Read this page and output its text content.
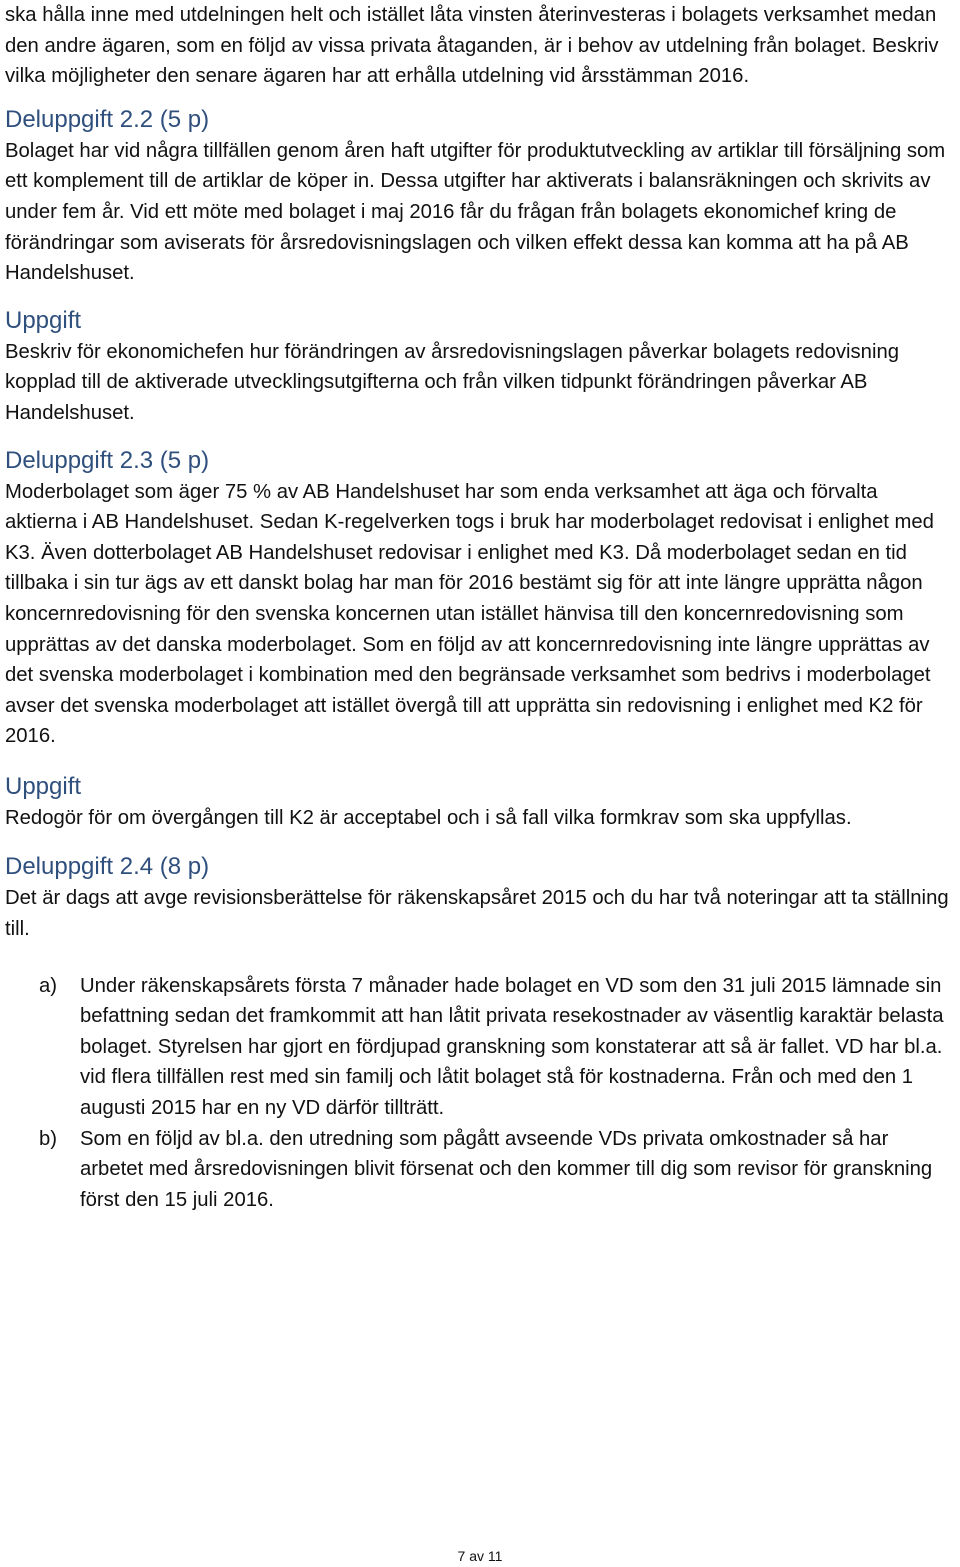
ska hålla inne med utdelningen helt och istället låta vinsten återinvesteras i bolagets verksamhet medan den andre ägaren, som en följd av vissa privata åtaganden, är i behov av utdelning från bolaget. Beskriv vilka möjligheter den senare ägaren har att erhålla utdelning vid årsstämman 2016.

Deluppgift 2.2 (5 p)

Bolaget har vid några tillfällen genom åren haft utgifter för produktutveckling av artiklar till försäljning som ett komplement till de artiklar de köper in. Dessa utgifter har aktiverats i balansräkningen och skrivits av under fem år. Vid ett möte med bolaget i maj 2016 får du frågan från bolagets ekonomichef kring de förändringar som aviserats för årsredovisningslagen och vilken effekt dessa kan komma att ha på AB Handelshuset.

Uppgift

Beskriv för ekonomichefen hur förändringen av årsredovisningslagen påverkar bolagets redovisning kopplad till de aktiverade utvecklingsutgifterna och från vilken tidpunkt förändringen påverkar AB Handelshuset.

Deluppgift 2.3 (5 p)

Moderbolaget som äger 75 % av AB Handelshuset har som enda verksamhet att äga och förvalta aktierna i AB Handelshuset. Sedan K-regelverken togs i bruk har moderbolaget redovisat i enlighet med K3. Även dotterbolaget AB Handelshuset redovisar i enlighet med K3. Då moderbolaget sedan en tid tillbaka i sin tur ägs av ett danskt bolag har man för 2016 bestämt sig för att inte längre upprätta någon koncernredovisning för den svenska koncernen utan istället hänvisa till den koncernredovisning som upprättas av det danska moderbolaget. Som en följd av att koncernredovisning inte längre upprättas av det svenska moderbolaget i kombination med den begränsade verksamhet som bedrivs i moderbolaget avser det svenska moderbolaget att istället övergå till att upprätta sin redovisning i enlighet med K2 för 2016.

Uppgift

Redogör för om övergången till K2 är acceptabel och i så fall vilka formkrav som ska uppfyllas.

Deluppgift 2.4 (8 p)

Det är dags att avge revisionsberättelse för räkenskapsåret 2015 och du har två noteringar att ta ställning till.

a)	Under räkenskapsårets första 7 månader hade bolaget en VD som den 31 juli 2015 lämnade sin befattning sedan det framkommit att han låtit privata resekostnader av väsentlig karaktär belasta bolaget. Styrelsen har gjort en fördjupad granskning som konstaterar att så är fallet. VD har bl.a. vid flera tillfällen rest med sin familj och låtit bolaget stå för kostnaderna. Från och med den 1 augusti 2015 har en ny VD därför tillträtt.
b)	Som en följd av bl.a. den utredning som pågått avseende VDs privata omkostnader så har arbetet med årsredovisningen blivit försenat och den kommer till dig som revisor för granskning först den 15 juli 2016.
7 av 11
